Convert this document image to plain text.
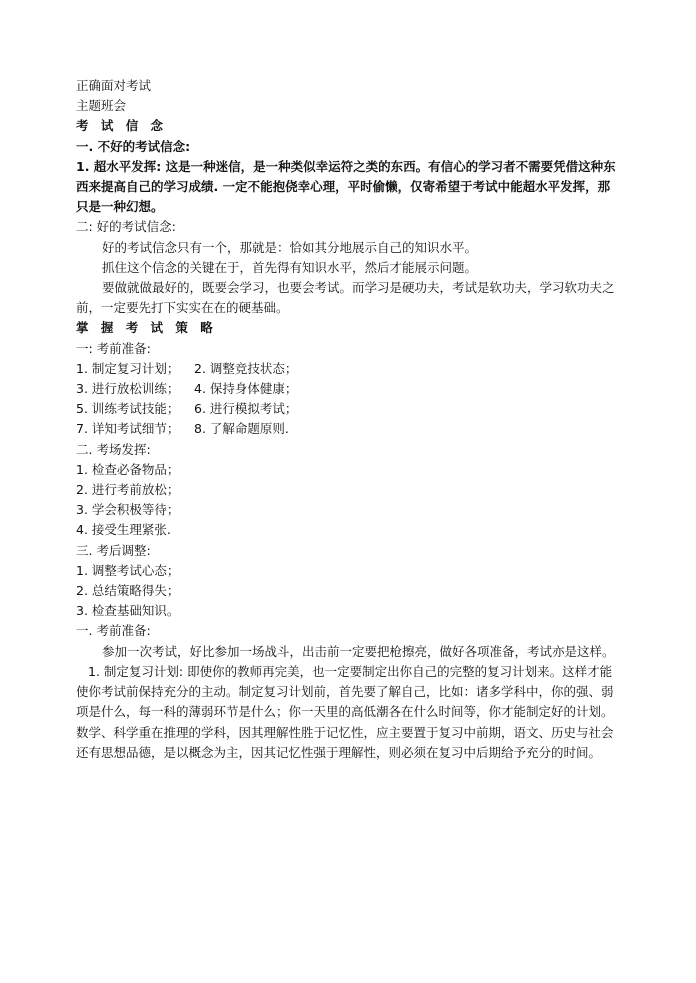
正确面对考试
主题班会
考 试 信 念
一. 不好的考试信念:
1. 超水平发挥: 这是一种迷信，是一种类似幸运符之类的东西。有信心的学习者不需要凭借这种东西来提高自己的学习成绩. 一定不能抱侥幸心理，平时偷懒，仅寄希望于考试中能超水平发挥，那只是一种幻想。
二: 好的考试信念:
好的考试信念只有一个，那就是：恰如其分地展示自己的知识水平。
抓住这个信念的关键在于，首先得有知识水平，然后才能展示问题。
要做就做最好的，既要会学习，也要会考试。而学习是硬功夫，考试是软功夫，学习软功夫之前，一定要先打下实实在在的硬基础。
掌 握 考 试 策 略
一: 考前准备:
1. 制定复习计划；	2. 调整竞技状态；
3. 进行放松训练；	4. 保持身体健康；
5. 训练考试技能；	6. 进行模拟考试；
7. 详知考试细节；	8. 了解命题原则.
二. 考场发挥:
1. 检查必备物品；
2. 进行考前放松；
3. 学会积极等待；
4. 接受生理紧张.
三. 考后调整:
1. 调整考试心态；
2. 总结策略得失；
3. 检查基础知识。
一. 考前准备:
参加一次考试，好比参加一场战斗，出击前一定要把枪擦亮，做好各项准备，考试亦是这样。
1. 制定复习计划: 即使你的教师再完美，也一定要制定出你自己的完整的复习计划来。这样才能使你考试前保持充分的主动。制定复习计划前，首先要了解自己，比如：诸多学科中，你的强、弱项是什么，每一科的薄弱环节是什么；你一天里的高低潮各在什么时间等，你才能制定好的计划。数学、科学重在推理的学科，因其理解性胜于记忆性，应主要置于复习中前期，语文、历史与社会还有思想品德，是以概念为主，因其记忆性强于理解性，则必须在复习中后期给予充分的时间。
